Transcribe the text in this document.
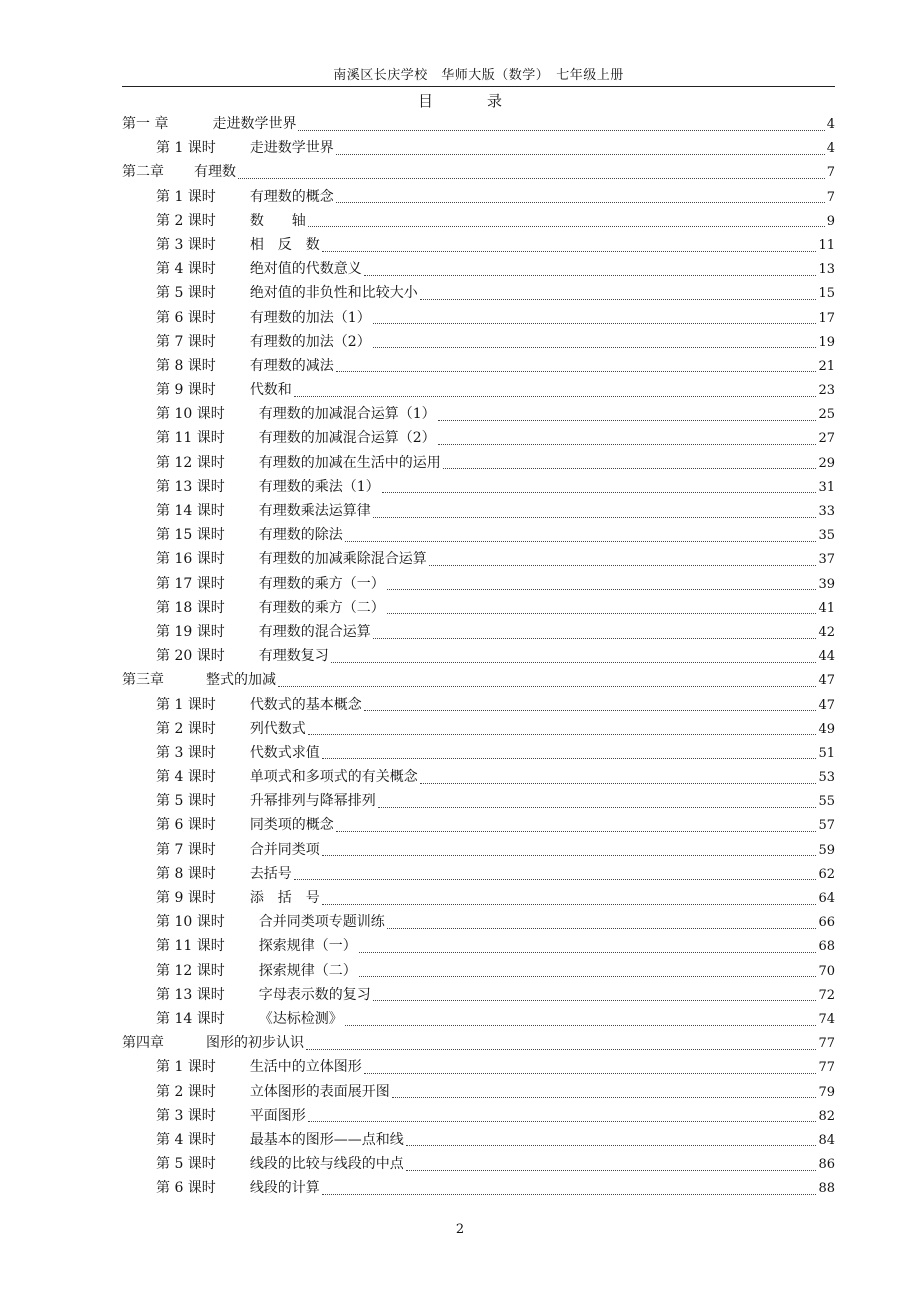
南溪区长庆学校　华师大版（数学）　七年级上册
目录
第一 章	走进数学世界	4
第 1 课时 走进数学世界	4
第二章 有理数	7
第 1 课时 有理数的概念	7
第 2 课时 数　　轴	9
第 3 课时 相　反　数	11
第 4 课时 绝对值的代数意义	13
第 5 课时 绝对值的非负性和比较大小	15
第 6 课时 有理数的加法（1）	17
第 7 课时 有理数的加法（2）	19
第 8 课时 有理数的减法	21
第 9 课时 代数和	23
第 10 课时 有理数的加减混合运算（1）	25
第 11 课时 有理数的加减混合运算（2）	27
第 12 课时 有理数的加减在生活中的运用	29
第 13 课时 有理数的乘法（1）	31
第 14 课时 有理数乘法运算律	33
第 15 课时 有理数的除法	35
第 16 课时 有理数的加减乘除混合运算	37
第 17 课时 有理数的乘方（一）	39
第 18 课时 有理数的乘方（二）	41
第 19 课时 有理数的混合运算	42
第 20 课时 有理数复习	44
第三章	整式的加减	47
第 1 课时 代数式的基本概念	47
第 2 课时 列代数式	49
第 3 课时 代数式求值	51
第 4 课时 单项式和多项式的有关概念	53
第 5 课时 升幂排列与降幂排列	55
第 6 课时 同类项的概念	57
第 7 课时 合并同类项	59
第 8 课时 去括号	62
第 9 课时 添　括　号	64
第 10 课时 合并同类项专题训练	66
第 11 课时 探索规律（一）	68
第 12 课时 探索规律（二）	70
第 13 课时 字母表示数的复习	72
第 14 课时 《达标检测》	74
第四章	图形的初步认识	77
第 1 课时 生活中的立体图形	77
第 2 课时 立体图形的表面展开图	79
第 3 课时 平面图形	82
第 4 课时 最基本的图形——点和线	84
第 5 课时 线段的比较与线段的中点	86
第 6 课时 线段的计算	88
2
